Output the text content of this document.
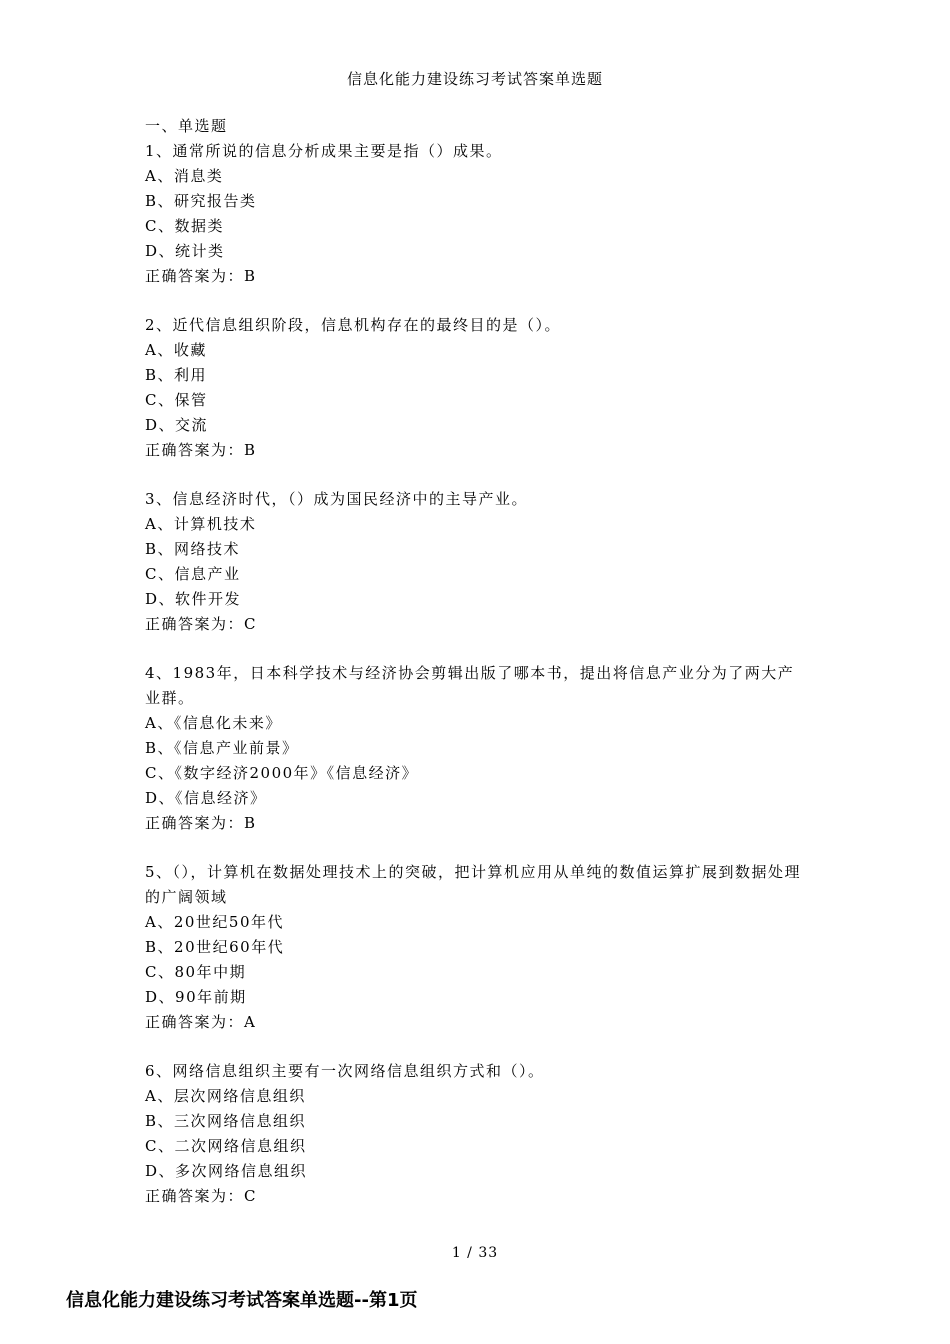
信息化能力建设练习考试答案单选题

一、单选题

1、通常所说的信息分析成果主要是指（）成果。

A、消息类

B、研究报告类

C、数据类

D、统计类

正确答案为：B

2、近代信息组织阶段，信息机构存在的最终目的是（）。

A、收藏

B、利用

C、保管

D、交流

正确答案为：B

3、信息经济时代，（）成为国民经济中的主导产业。

A、计算机技术

B、网络技术

C、信息产业

D、软件开发

正确答案为：C

4、1983年，日本科学技术与经济协会剪辑出版了哪本书，提出将信息产业分为了两大产业群。

A、《信息化未来》

B、《信息产业前景》

C、《数字经济2000年》《信息经济》

D、《信息经济》

正确答案为：B

5、（），计算机在数据处理技术上的突破，把计算机应用从单纯的数值运算扩展到数据处理的广阔领域

A、20世纪50年代

B、20世纪60年代

C、80年中期

D、90年前期

正确答案为：A

6、网络信息组织主要有一次网络信息组织方式和（）。

A、层次网络信息组织

B、三次网络信息组织

C、二次网络信息组织

D、多次网络信息组织

正确答案为：C

1 / 33
信息化能力建设练习考试答案单选题--第1页
